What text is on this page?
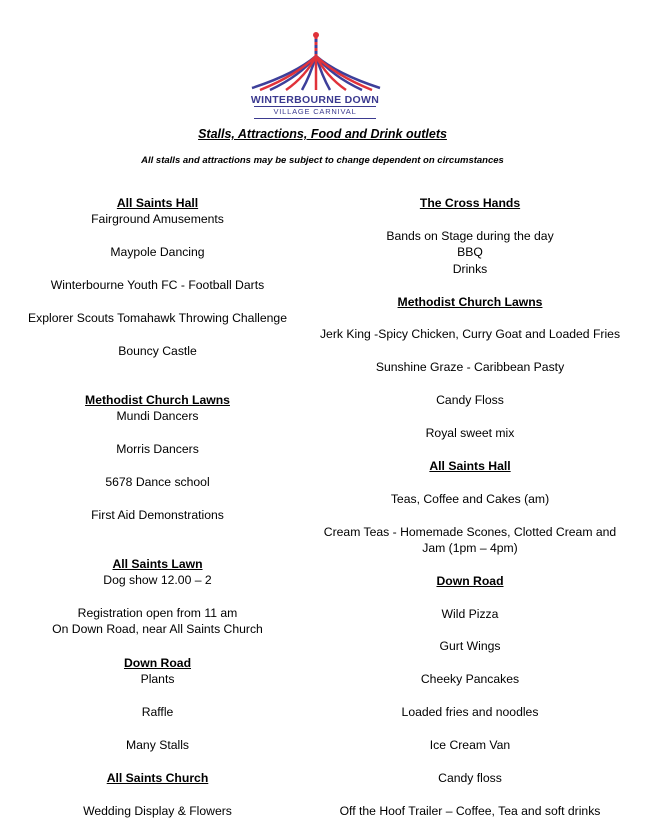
WINTERBOURNE DOWN
VILLAGE CARNIVAL
Stalls, Attractions, Food and Drink outlets
All stalls and attractions may be subject to change dependent on circumstances
All Saints Hall
Fairground Amusements
Maypole Dancing
Winterbourne Youth FC - Football Darts
Explorer Scouts Tomahawk Throwing Challenge
Bouncy Castle
Methodist Church Lawns
Mundi Dancers
Morris Dancers
5678 Dance school
First Aid Demonstrations
All Saints Lawn
Dog show 12.00 – 2
Registration open from 11 am
On Down Road, near All Saints Church
Down Road
Plants
Raffle
Many Stalls
All Saints Church
Wedding Display & Flowers
The Cross Hands
Bands on Stage during the day
BBQ
Drinks
Methodist Church Lawns
Jerk King -Spicy Chicken, Curry Goat and Loaded Fries
Sunshine Graze - Caribbean Pasty
Candy Floss
Royal sweet mix
All Saints Hall
Teas, Coffee and Cakes (am)
Cream Teas - Homemade Scones, Clotted Cream and
Jam (1pm – 4pm)
Down Road
Wild Pizza
Gurt Wings
Cheeky Pancakes
Loaded fries and noodles
Ice Cream Van
Candy floss
Off the Hoof Trailer – Coffee, Tea and soft drinks
